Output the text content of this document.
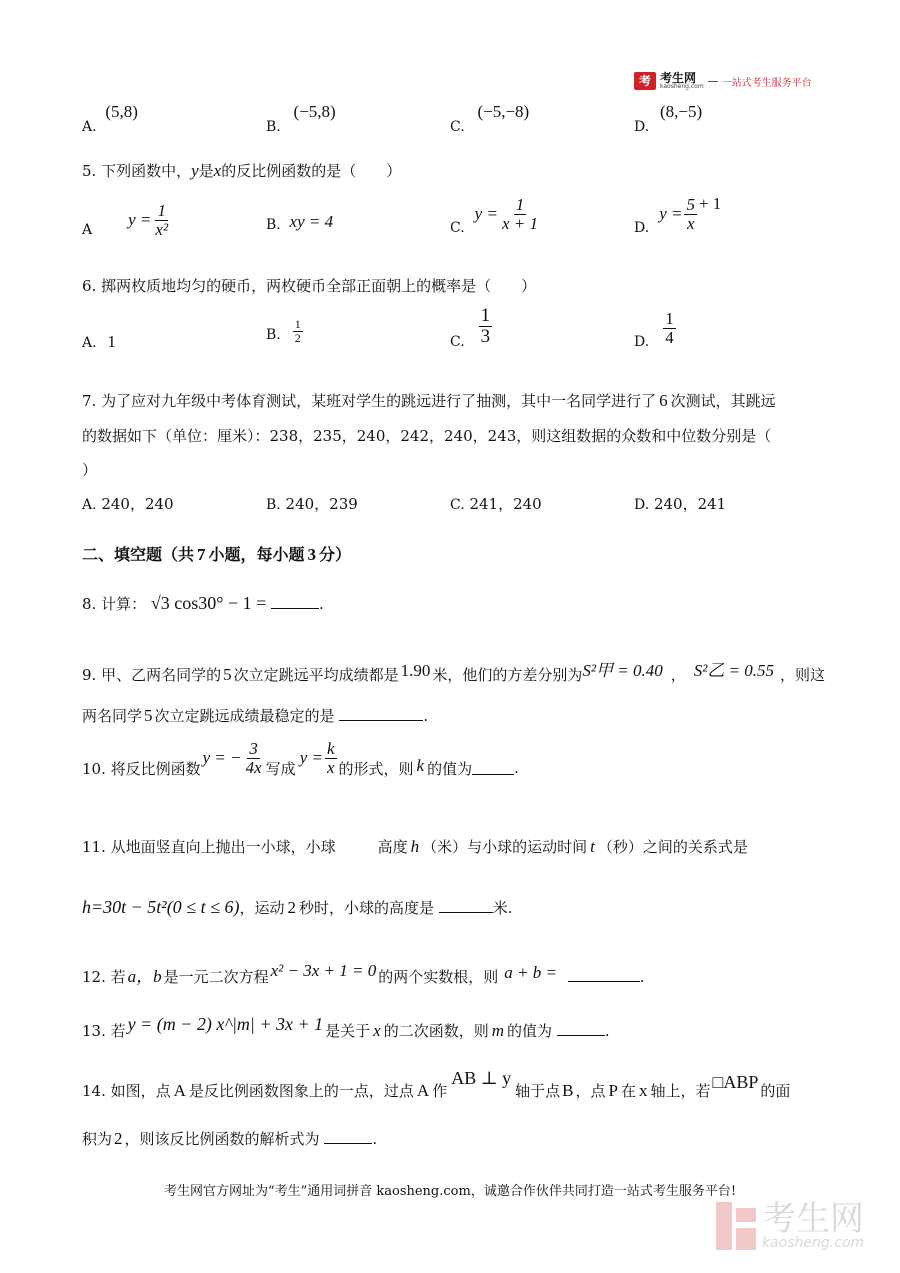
考 考生网
kaosheng.com 一站式考生服务平台
A. (5,8)
B. (−5,8)
C. (−5,−8)
D. (8,−5)
5. 下列函数中，y是x的反比例函数的是（　　）
A
$y = \frac{1}{\text{x²}}$	B. xy = 4	C.
$y = \frac{1}{x + 1}$	D.
$y = \frac{5}{x} + 1$
6. 掷两枚质地均匀的硬币，两枚硬币全部正面朝上的概率是（　　）
A. 1	B. $\frac{1}{2}$	C. $\frac{1}{3}$	D. $\frac{1}{4}$
7. 为了应对九年级中考体育测试，某班对学生的跳远进行了抽测，其中一名同学进行了 6 次测试，其跳远
的数据如下（单位：厘米）：238，235，240，242，240，243，则这组数据的众数和中位数分别是（
）
A. 240，240	B. 240，239	C. 241，240	D. 240，241
二、填空题（共 7 小题，每小题 3 分）
8. 计算： √3 cos30° − 1 =	.
9. 甲、乙两名同学的 5 次立定跳远平均成绩都是 1.90 米，他们的方差分别为S²甲 = 0.40 ， S²乙 = 0.55 ，则这
两名同学 5 次立定跳远成绩最稳定的是	.
10. 将反比例函数
y = − $\frac{3}{4x}$ 写成
$y = \frac{k}{x}$ 的形式，则 k 的值为	.
11. 从地面竖直向上抛出一小球，小球	高度 h （米）与小球的运动时间 t （秒）之间的关系式是
h=30t − 5t²(0 ≤ t ≤ 6)，运动 2 秒时，小球的高度是	米.
12. 若 a，b 是一元二次方程 x² − 3x + 1 = 0 的两个实数根，则 a + b =	.
13. 若 y = (m − 2) x^|m| + 3x + 1 是关于 x 的二次函数，则 m 的值为	.
14. 如图，点 A 是反比例函数图象上的一点，过点 A 作AB ⊥ y轴于点 B ，点 P 在 x 轴上，若 □ABP 的面
积为 2 ，则该反比例函数的解析式为	.
考生网官方网址为“考生”通用词拼音 kaosheng.com，诚邀合作伙伴共同打造一站式考生服务平台!
考生网
kaosheng.com
